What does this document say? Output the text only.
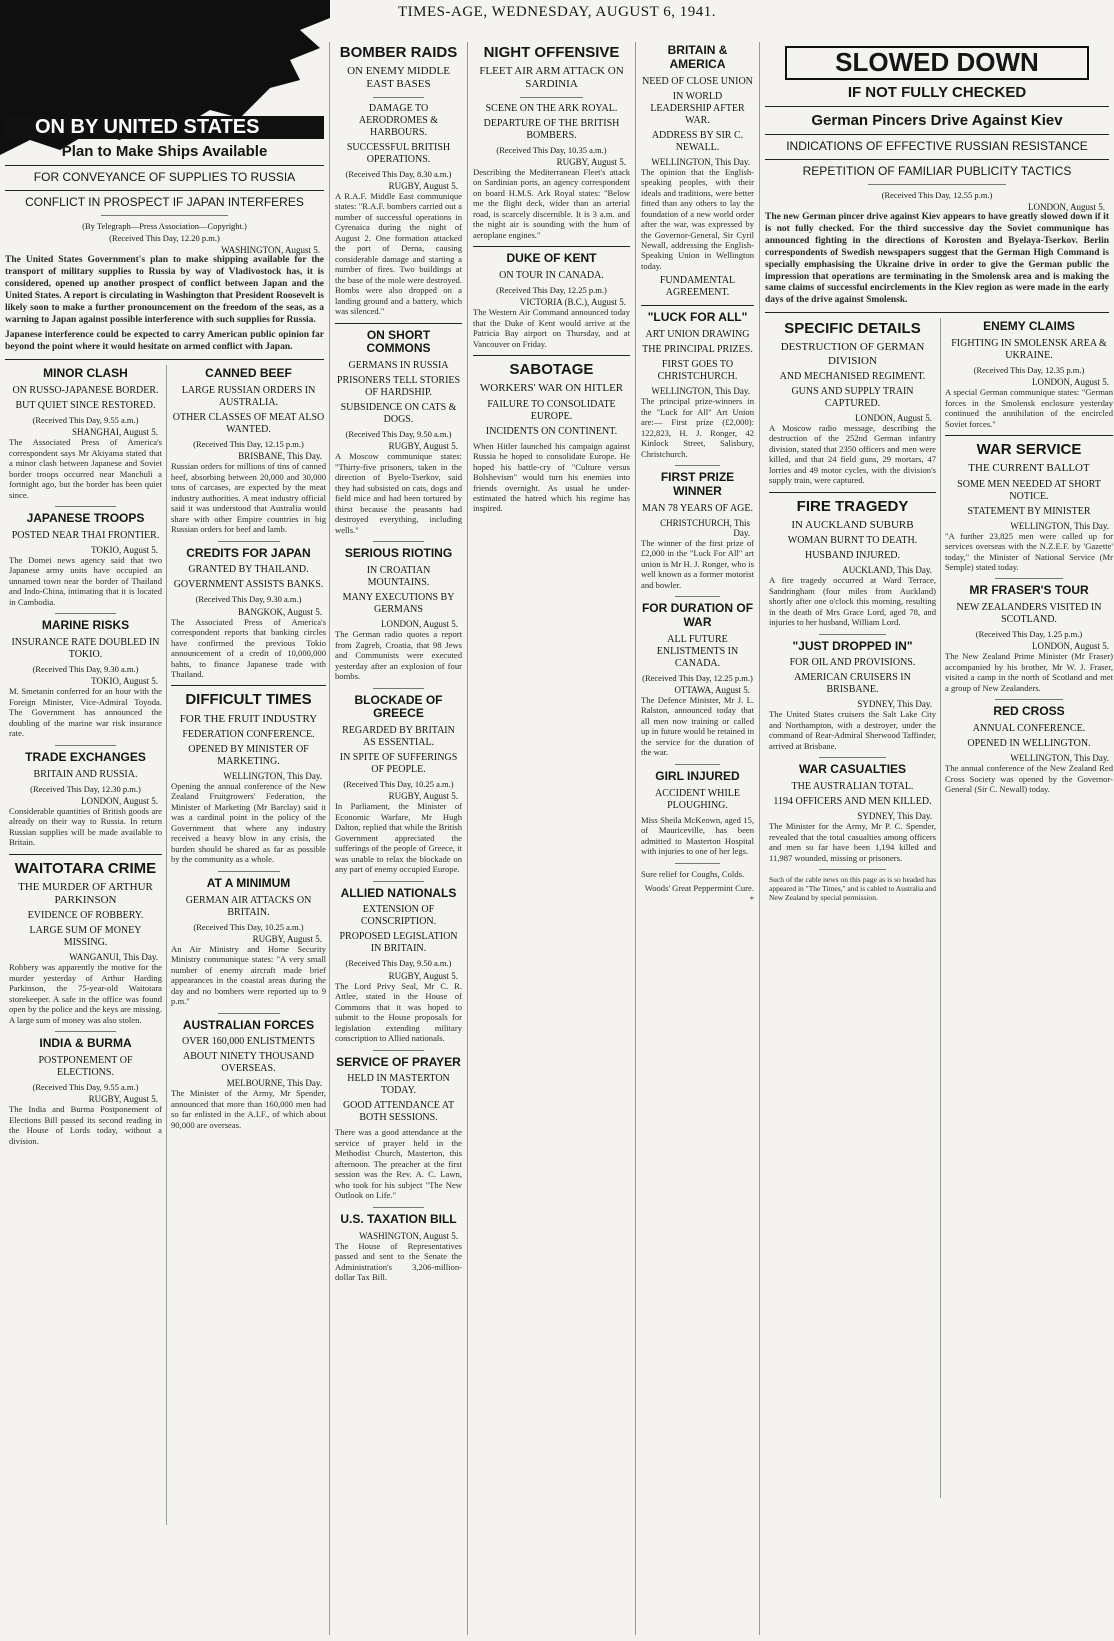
TIMES-AGE, WEDNESDAY, AUGUST 6, 1941.
ON BY UNITED STATES
Plan to Make Ships Available
FOR CONVEYANCE OF SUPPLIES TO RUSSIA
CONFLICT IN PROSPECT IF JAPAN INTERFERES
(By Telegraph—Press Association—Copyright.)
(Received This Day, 12.20 p.m.)
WASHINGTON, August 5.

The United States Government's plan to make shipping available for the transport of military supplies to Russia by way of Vladivostock has, it is considered, opened up another prospect of conflict between Japan and the United States. A report is circulating in Washington that President Roosevelt is likely soon to make a further pronouncement on the freedom of the seas, as a warning to Japan against possible interference with such supplies for Russia.

Japanese interference could be expected to carry American public opinion far beyond the point where it would hesitate on armed conflict with Japan.

MINOR CLASH
ON RUSSO-JAPANESE BORDER.
BUT QUIET SINCE RESTORED.
(Received This Day, 9.55 a.m.)
SHANGHAI, August 5.

The Associated Press of America's correspondent says Mr Akiyama stated that a minor clash between Japanese and Soviet border troops occurred near Manchuli a fortnight ago, but the border has been quiet since.

JAPANESE TROOPS
POSTED NEAR THAI FRONTIER.
TOKIO, August 5.

The Domei news agency said that two Japanese army units have occupied an unnamed town near the border of Thailand and Indo-China, intimating that it is located in Cambodia.

MARINE RISKS
INSURANCE RATE DOUBLED IN TOKIO.
(Received This Day, 9.30 a.m.)
TOKIO, August 5.

M. Smetanin conferred for an hour with the Foreign Minister, Vice-Admiral Toyoda. The Government has announced the doubling of the marine war risk insurance rate.

TRADE EXCHANGES
BRITAIN AND RUSSIA.
(Received This Day, 12.30 p.m.)
LONDON, August 5.

Considerable quantities of British goods are already on their way to Russia. In return Russian supplies will be made available to Britain.

WAITOTARA CRIME
THE MURDER OF ARTHUR PARKINSON
EVIDENCE OF ROBBERY.
LARGE SUM OF MONEY MISSING.
WANGANUI, This Day.

Robbery was apparently the motive for the murder yesterday of Arthur Harding Parkinson, the 75-year-old Waitotara storekeeper. A safe in the office was found open by the police and the keys are missing. A large sum of money was also stolen.

INDIA & BURMA
POSTPONEMENT OF ELECTIONS.
(Received This Day, 9.55 a.m.)
RUGBY, August 5.

The India and Burma Postponement of Elections Bill passed its second reading in the House of Lords today, without a division.

CANNED BEEF
LARGE RUSSIAN ORDERS IN AUSTRALIA.
OTHER CLASSES OF MEAT ALSO WANTED.
(Received This Day, 12.15 p.m.)
BRISBANE, This Day.

Russian orders for millions of tins of canned beef, absorbing between 20,000 and 30,000 tons of carcases, are expected by the meat industry authorities. A meat industry official said it was understood that Australia would share with other Empire countries in big Russian orders for beef and lamb.

CREDITS FOR JAPAN
GRANTED BY THAILAND.
GOVERNMENT ASSISTS BANKS.
(Received This Day, 9.30 a.m.)
BANGKOK, August 5.

The Associated Press of America's correspondent reports that banking circles have confirmed the previous Tokio announcement of a credit of 10,000,000 bahts, to finance Japanese trade with Thailand.

DIFFICULT TIMES
FOR THE FRUIT INDUSTRY
FEDERATION CONFERENCE.
OPENED BY MINISTER OF MARKETING.
WELLINGTON, This Day.

Opening the annual conference of the New Zealand Fruitgrowers' Federation, the Minister of Marketing (Mr Barclay) said it was a cardinal point in the policy of the Government that where any industry received a heavy blow in any crisis, the burden should be shared as far as possible by the community as a whole.

AT A MINIMUM
GERMAN AIR ATTACKS ON BRITAIN.
(Received This Day, 10.25 a.m.)
RUGBY, August 5.

An Air Ministry and Home Security Ministry communique states: "A very small number of enemy aircraft made brief appearances in the coastal areas during the day and no bombers were reported up to 9 p.m."

AUSTRALIAN FORCES
OVER 160,000 ENLISTMENTS
ABOUT NINETY THOUSAND OVERSEAS.
MELBOURNE, This Day.

The Minister of the Army, Mr Spender, announced that more than 160,000 men had so far enlisted in the A.I.F., of which about 90,000 are overseas.

BOMBER RAIDS
ON ENEMY MIDDLE EAST BASES
DAMAGE TO AERODROMES & HARBOURS.
SUCCESSFUL BRITISH OPERATIONS.
(Received This Day, 8.30 a.m.)
RUGBY, August 5.

A R.A.F. Middle East communique states: "R.A.F. bombers carried out a number of successful operations in Cyrenaica during the night of August 2. One formation attacked the port of Derna, causing considerable damage and starting a number of fires. Two buildings at the base of the mole were destroyed. Bombs were also dropped on a landing ground and a battery, which was silenced."

ON SHORT COMMONS
GERMANS IN RUSSIA
PRISONERS TELL STORIES OF HARDSHIP.
SUBSIDENCE ON CATS & DOGS.
(Received This Day, 9.50 a.m.)
RUGBY, August 5.

A Moscow communique states: "Thirty-five prisoners, taken in the direction of Byelo-Tserkov, said they had subsisted on cats, dogs and field mice and had been tortured by thirst because the peasants had destroyed everything, including wells."

SERIOUS RIOTING
IN CROATIAN MOUNTAINS.
MANY EXECUTIONS BY GERMANS
LONDON, August 5.

The German radio quotes a report from Zagreb, Croatia, that 98 Jews and Communists were executed yesterday after an explosion of four bombs.

BLOCKADE OF GREECE
REGARDED BY BRITAIN AS ESSENTIAL.
IN SPITE OF SUFFERINGS OF PEOPLE.
(Received This Day, 10.25 a.m.)
RUGBY, August 5.

In Parliament, the Minister of Economic Warfare, Mr Hugh Dalton, replied that while the British Government appreciated the sufferings of the people of Greece, it was unable to relax the blockade on any part of enemy occupied Europe.

ALLIED NATIONALS
EXTENSION OF CONSCRIPTION.
PROPOSED LEGISLATION IN BRITAIN.
(Received This Day, 9.50 a.m.)
RUGBY, August 5.

The Lord Privy Seal, Mr C. R. Attlee, stated in the House of Commons that it was hoped to submit to the House proposals for legislation extending military conscription to Allied nationals.

SERVICE OF PRAYER
HELD IN MASTERTON TODAY.
GOOD ATTENDANCE AT BOTH SESSIONS.

There was a good attendance at the service of prayer held in the Methodist Church, Masterton, this afternoon. The preacher at the first session was the Rev. A. C. Lawn, who took for his subject "The New Outlook on Life."

U.S. TAXATION BILL
WASHINGTON, August 5.

The House of Representatives passed and sent to the Senate the Administration's 3,206-million-dollar Tax Bill.

NIGHT OFFENSIVE
FLEET AIR ARM ATTACK ON SARDINIA
SCENE ON THE ARK ROYAL.
DEPARTURE OF THE BRITISH BOMBERS.
(Received This Day, 10.35 a.m.)
RUGBY, August 5.

Describing the Mediterranean Fleet's attack on Sardinian ports, an agency correspondent on board H.M.S. Ark Royal states: "Below me the flight deck, wider than an arterial road, is scarcely discernible. It is 3 a.m. and the night air is sounding with the hum of aeroplane engines."

DUKE OF KENT
ON TOUR IN CANADA.
(Received This Day, 12.25 p.m.)
VICTORIA (B.C.), August 5.

The Western Air Command announced today that the Duke of Kent would arrive at the Patricia Bay airport on Thursday, and at Vancouver on Friday.

SABOTAGE
WORKERS' WAR ON HITLER
FAILURE TO CONSOLIDATE EUROPE.
INCIDENTS ON CONTINENT.

When Hitler launched his campaign against Russia he hoped to consolidate Europe. He hoped his battle-cry of "Culture versus Bolshevism" would turn his enemies into friends overnight. As usual he under-estimated the hatred which his regime has inspired.

BRITAIN & AMERICA
NEED OF CLOSE UNION
IN WORLD LEADERSHIP AFTER WAR.
ADDRESS BY SIR C. NEWALL.
WELLINGTON, This Day.

The opinion that the English-speaking peoples, with their ideals and traditions, were better fitted than any others to lay the foundation of a new world order after the war, was expressed by the Governor-General, Sir Cyril Newall, addressing the English-Speaking Union in Wellington today.

FUNDAMENTAL AGREEMENT.
"LUCK FOR ALL"
ART UNION DRAWING
THE PRINCIPAL PRIZES.
FIRST GOES TO CHRISTCHURCH.
WELLINGTON, This Day.

The principal prize-winners in the "Luck for All" Art Union are:— First prize (£2,000): 122,823, H. J. Ronger, 42 Kinlock Street, Salisbury, Christchurch.

FIRST PRIZE WINNER
MAN 78 YEARS OF AGE.
CHRISTCHURCH, This Day.

The winner of the first prize of £2,000 in the "Luck For All" art union is Mr H. J. Ronger, who is well known as a former motorist and bowler.

FOR DURATION OF WAR
ALL FUTURE ENLISTMENTS IN CANADA.
(Received This Day, 12.25 p.m.)
OTTAWA, August 5.

The Defence Minister, Mr J. L. Ralston, announced today that all men now training or called up in future would be retained in the service for the duration of the war.

GIRL INJURED
ACCIDENT WHILE PLOUGHING.

Miss Sheila McKeown, aged 15, of Mauriceville, has been admitted to Masterton Hospital with injuries to one of her legs.

Sure relief for Coughs, Colds.

Woods' Great Peppermint Cure. *

SLOWED DOWN
IF NOT FULLY CHECKED
German Pincers Drive Against Kiev
INDICATIONS OF EFFECTIVE RUSSIAN RESISTANCE
REPETITION OF FAMILIAR PUBLICITY TACTICS
(Received This Day, 12.55 p.m.)
LONDON, August 5.

The new German pincer drive against Kiev appears to have greatly slowed down if it is not fully checked. For the third successive day the Soviet communique has announced fighting in the directions of Korosten and Byelaya-Tserkov. Berlin correspondents of Swedish newspapers suggest that the German High Command is specially emphasising the Ukraine drive in order to give the German public the impression that operations are terminating in the Smolensk area and is making the same claims of successful encirclements in the Kiev region as were made in the early days of the drive against Smolensk.

SPECIFIC DETAILS
DESTRUCTION OF GERMAN DIVISION
AND MECHANISED REGIMENT.
GUNS AND SUPPLY TRAIN CAPTURED.
LONDON, August 5.

A Moscow radio message, describing the destruction of the 252nd German infantry division, stated that 2350 officers and men were killed, and that 24 field guns, 29 mortars, 47 lorries and 49 motor cycles, with the division's supply train, were captured.

FIRE TRAGEDY
IN AUCKLAND SUBURB
WOMAN BURNT TO DEATH.
HUSBAND INJURED.
AUCKLAND, This Day.

A fire tragedy occurred at Ward Terrace, Sandringham (four miles from Auckland) shortly after one o'clock this morning, resulting in the death of Mrs Grace Lord, aged 78, and injuries to her husband, William Lord.

"JUST DROPPED IN"
FOR OIL AND PROVISIONS.
AMERICAN CRUISERS IN BRISBANE.
SYDNEY, This Day.

The United States cruisers the Salt Lake City and Northampton, with a destroyer, under the command of Rear-Admiral Sherwood Taffinder, arrived at Brisbane.

WAR CASUALTIES
THE AUSTRALIAN TOTAL.
1194 OFFICERS AND MEN KILLED.
SYDNEY, This Day.

The Minister for the Army, Mr P. C. Spender, revealed that the total casualties among officers and men so far have been 1,194 killed and 11,987 wounded, missing or prisoners.

Such of the cable news on this page as is so headed has appeared in "The Times," and is cabled to Australia and New Zealand by special permission.

ENEMY CLAIMS
FIGHTING IN SMOLENSK AREA & UKRAINE.
(Received This Day, 12.35 p.m.)
LONDON, August 5.

A special German communique states: "German forces in the Smolensk enclosure yesterday continued the annihilation of the encircled Soviet forces."

WAR SERVICE
THE CURRENT BALLOT
SOME MEN NEEDED AT SHORT NOTICE.
STATEMENT BY MINISTER
WELLINGTON, This Day.

"A further 23,825 men were called up for services overseas with the N.Z.E.F. by 'Gazette' today," the Minister of National Service (Mr Semple) stated today.

MR FRASER'S TOUR
NEW ZEALANDERS VISITED IN SCOTLAND.
(Received This Day, 1.25 p.m.)
LONDON, August 5.

The New Zealand Prime Minister (Mr Fraser) accompanied by his brother, Mr W. J. Fraser, visited a camp in the north of Scotland and met a group of New Zealanders.

RED CROSS
ANNUAL CONFERENCE.
OPENED IN WELLINGTON.
WELLINGTON, This Day.

The annual conference of the New Zealand Red Cross Society was opened by the Governor-General (Sir C. Newall) today.
